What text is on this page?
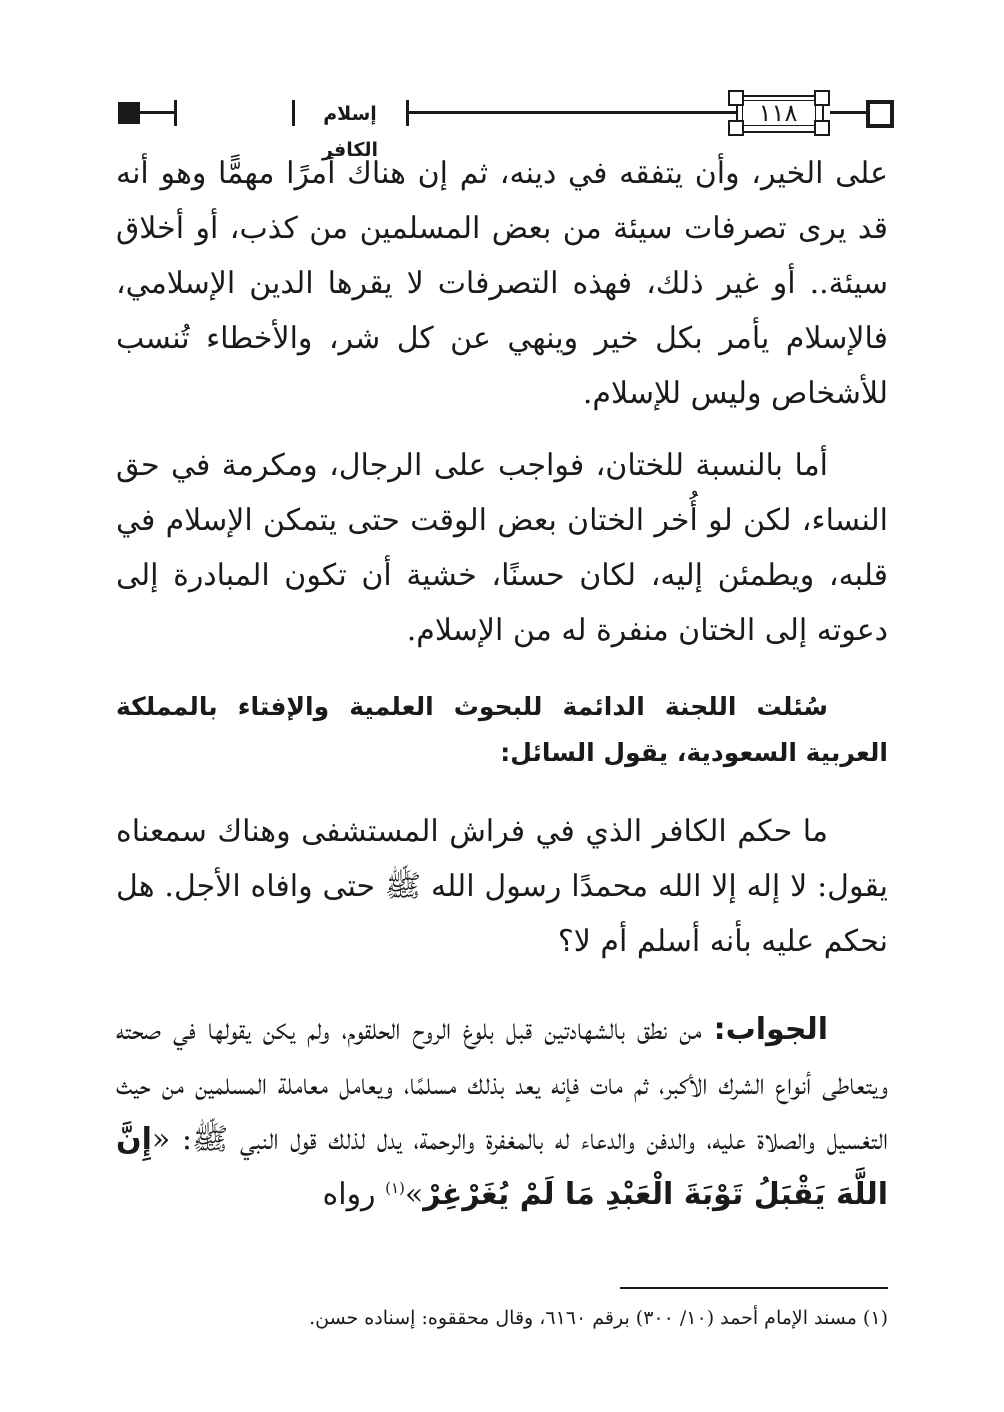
إسلام الكافر
١١٨

على الخير، وأن يتفقه في دينه، ثم إن هناك أمرًا مهمًّا وهو أنه قد يرى تصرفات سيئة من بعض المسلمين من كذب، أو أخلاق سيئة.. أو غير ذلك، فهذه التصرفات لا يقرها الدين الإسلامي، فالإسلام يأمر بكل خير وينهي عن كل شر، والأخطاء تُنسب للأشخاص وليس للإسلام.

أما بالنسبة للختان، فواجب على الرجال، ومكرمة في حق النساء، لكن لو أُخر الختان بعض الوقت حتى يتمكن الإسلام في قلبه، ويطمئن إليه، لكان حسنًا، خشية أن تكون المبادرة إلى دعوته إلى الختان منفرة له من الإسلام.

سُئلت اللجنة الدائمة للبحوث العلمية والإفتاء بالمملكة العربية السعودية، يقول السائل:

ما حكم الكافر الذي في فراش المستشفى وهناك سمعناه يقول: لا إله إلا الله محمدًا رسول الله ﷺ حتى وافاه الأجل. هل نحكم عليه بأنه أسلم أم لا؟

الجواب: من نطق بالشهادتين قبل بلوغ الروح الحلقوم، ولم يكن يقولها في صحته ويتعاطى أنواع الشرك الأكبر، ثم مات فإنه يعد بذلك مسلمًا، ويعامل معاملة المسلمين من حيث التغسيل والصلاة عليه، والدفن والدعاء له بالمغفرة والرحمة، يدل لذلك قول النبي ﷺ: «إِنَّ اللَّهَ يَقْبَلُ تَوْبَةَ الْعَبْدِ مَا لَمْ يُغَرْغِرْ»$^{(١)}$ رواه

(١) مسند الإمام أحمد (١٠/ ٣٠٠) برقم ٦١٦٠، وقال محققوه: إسناده حسن.
